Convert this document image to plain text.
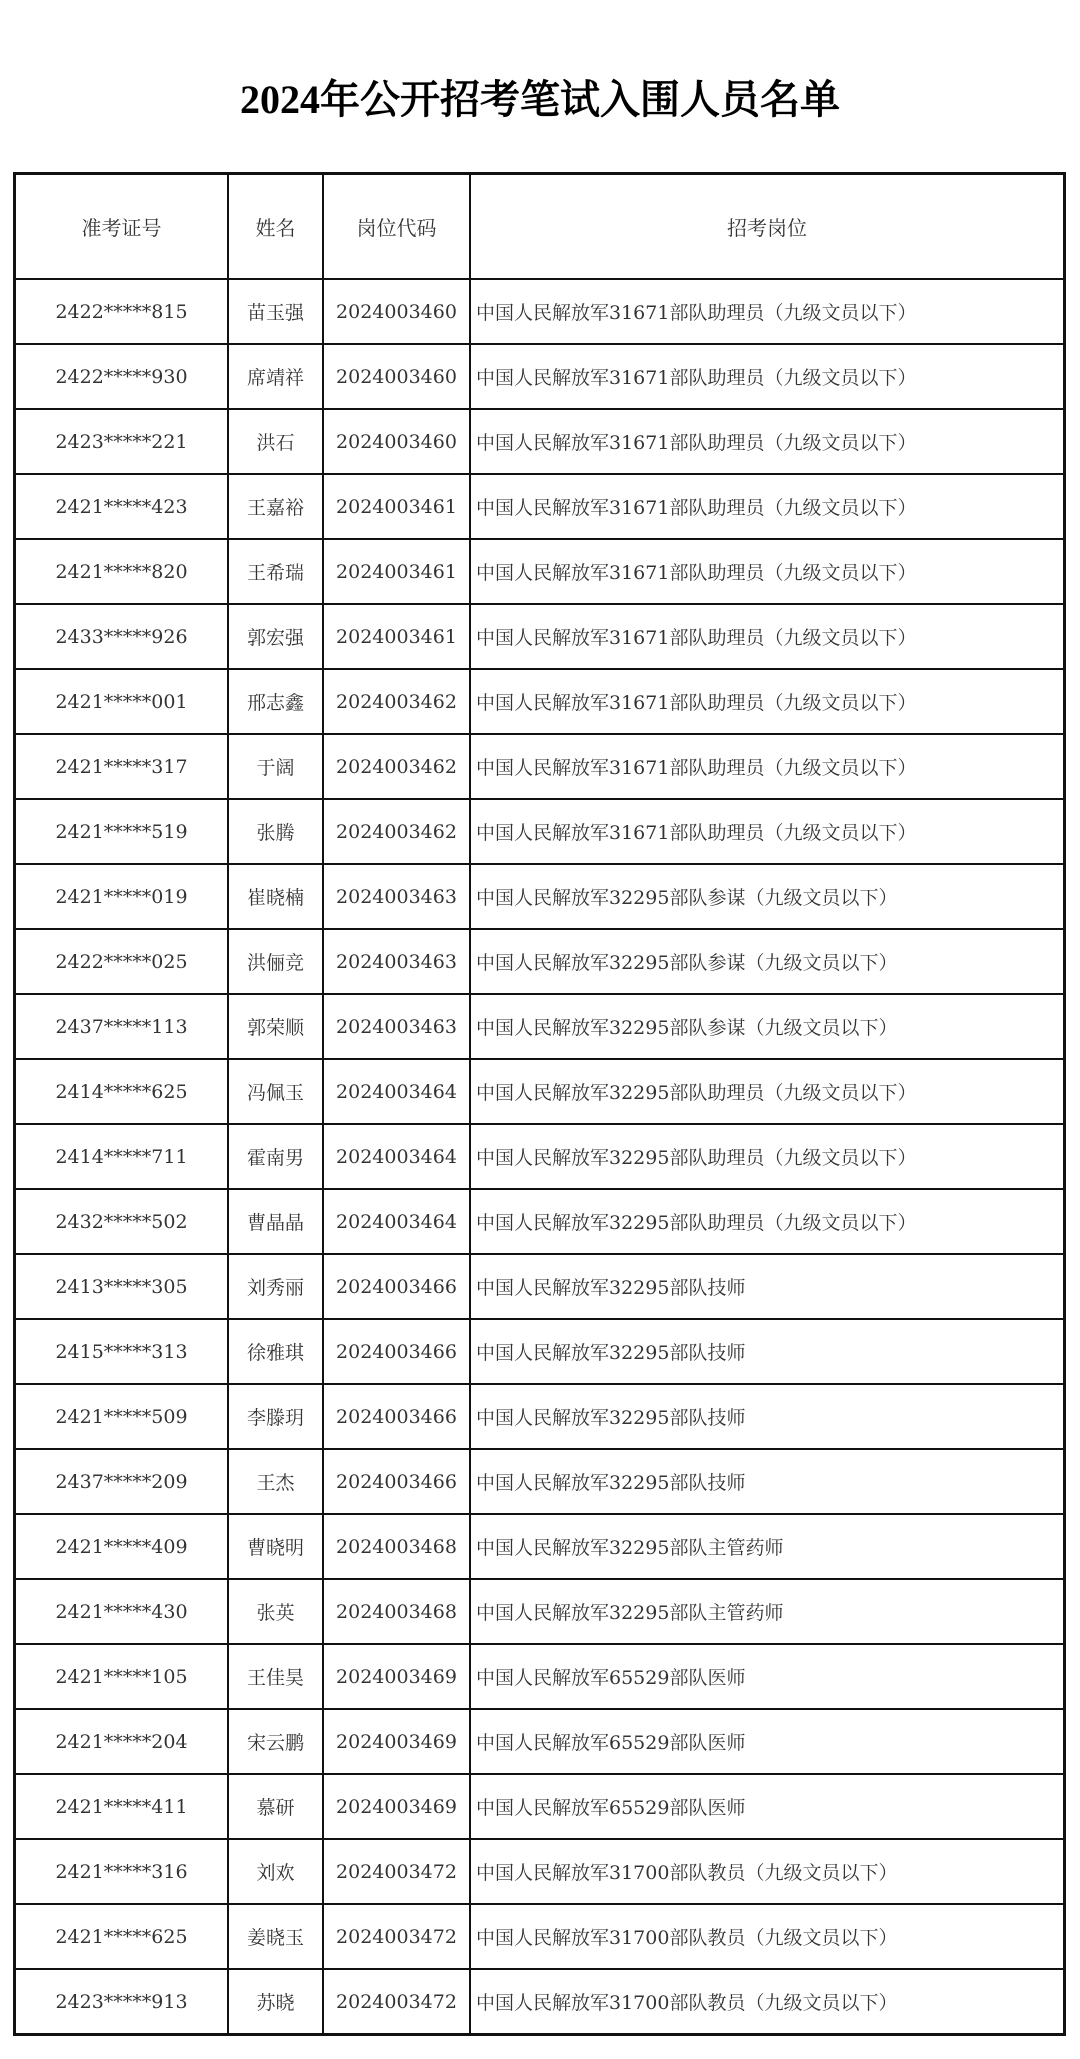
2024年公开招考笔试入围人员名单
准考证号	姓名	岗位代码	招考岗位
2422*****815	苗玉强	2024003460	中国人民解放军31671部队助理员（九级文员以下）
2422*****930	席靖祥	2024003460	中国人民解放军31671部队助理员（九级文员以下）
2423*****221	洪石	2024003460	中国人民解放军31671部队助理员（九级文员以下）
2421*****423	王嘉裕	2024003461	中国人民解放军31671部队助理员（九级文员以下）
2421*****820	王希瑞	2024003461	中国人民解放军31671部队助理员（九级文员以下）
2433*****926	郭宏强	2024003461	中国人民解放军31671部队助理员（九级文员以下）
2421*****001	邢志鑫	2024003462	中国人民解放军31671部队助理员（九级文员以下）
2421*****317	于阔	2024003462	中国人民解放军31671部队助理员（九级文员以下）
2421*****519	张腾	2024003462	中国人民解放军31671部队助理员（九级文员以下）
2421*****019	崔晓楠	2024003463	中国人民解放军32295部队参谋（九级文员以下）
2422*****025	洪俪竞	2024003463	中国人民解放军32295部队参谋（九级文员以下）
2437*****113	郭荣顺	2024003463	中国人民解放军32295部队参谋（九级文员以下）
2414*****625	冯佩玉	2024003464	中国人民解放军32295部队助理员（九级文员以下）
2414*****711	霍南男	2024003464	中国人民解放军32295部队助理员（九级文员以下）
2432*****502	曹晶晶	2024003464	中国人民解放军32295部队助理员（九级文员以下）
2413*****305	刘秀丽	2024003466	中国人民解放军32295部队技师
2415*****313	徐雅琪	2024003466	中国人民解放军32295部队技师
2421*****509	李滕玥	2024003466	中国人民解放军32295部队技师
2437*****209	王杰	2024003466	中国人民解放军32295部队技师
2421*****409	曹晓明	2024003468	中国人民解放军32295部队主管药师
2421*****430	张英	2024003468	中国人民解放军32295部队主管药师
2421*****105	王佳昊	2024003469	中国人民解放军65529部队医师
2421*****204	宋云鹏	2024003469	中国人民解放军65529部队医师
2421*****411	慕研	2024003469	中国人民解放军65529部队医师
2421*****316	刘欢	2024003472	中国人民解放军31700部队教员（九级文员以下）
2421*****625	姜晓玉	2024003472	中国人民解放军31700部队教员（九级文员以下）
2423*****913	苏晓	2024003472	中国人民解放军31700部队教员（九级文员以下）
